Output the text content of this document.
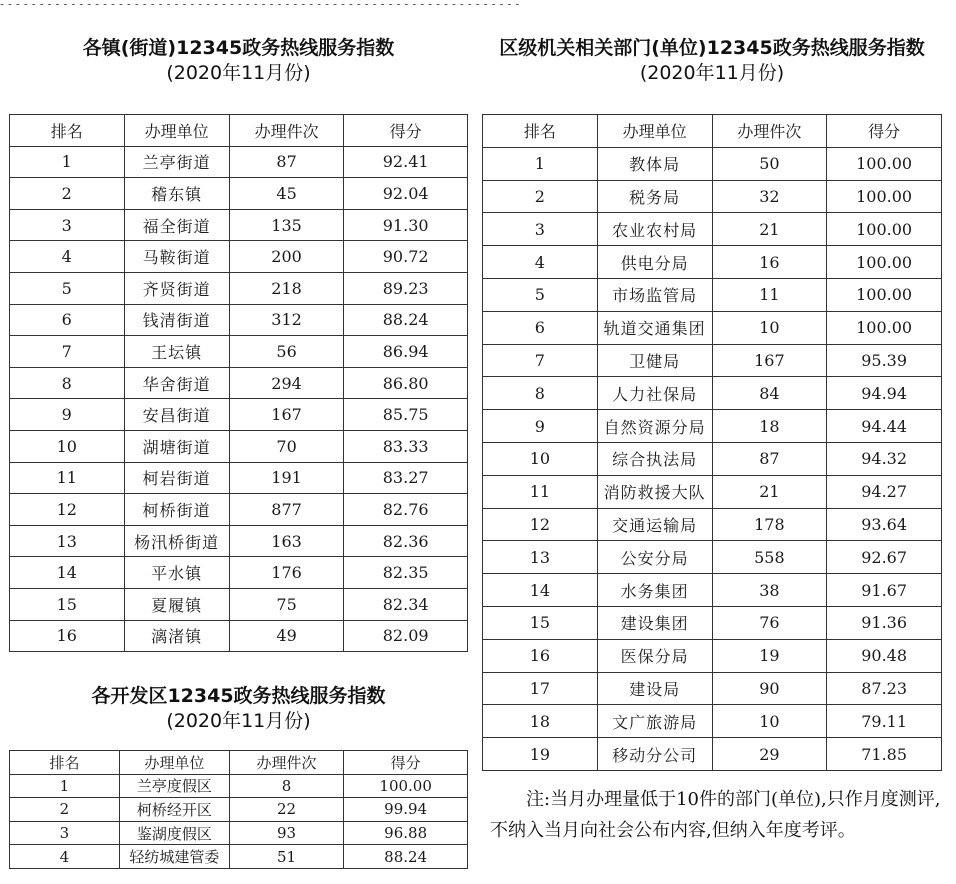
各镇(街道)12345政务热线服务指数
(2020年11月份)
排名	办理单位	办理件次	得分
1	兰亭街道	87	92.41
2	稽东镇	45	92.04
3	福全街道	135	91.30
4	马鞍街道	200	90.72
5	齐贤街道	218	89.23
6	钱清街道	312	88.24
7	王坛镇	56	86.94
8	华舍街道	294	86.80
9	安昌街道	167	85.75
10	湖塘街道	70	83.33
11	柯岩街道	191	83.27
12	柯桥街道	877	82.76
13	杨汛桥街道	163	82.36
14	平水镇	176	82.35
15	夏履镇	75	82.34
16	漓渚镇	49	82.09
区级机关相关部门(单位)12345政务热线服务指数
(2020年11月份)
排名	办理单位	办理件次	得分
1	教体局	50	100.00
2	税务局	32	100.00
3	农业农村局	21	100.00
4	供电分局	16	100.00
5	市场监管局	11	100.00
6	轨道交通集团	10	100.00
7	卫健局	167	95.39
8	人力社保局	84	94.94
9	自然资源分局	18	94.44
10	综合执法局	87	94.32
11	消防救援大队	21	94.27
12	交通运输局	178	93.64
13	公安分局	558	92.67
14	水务集团	38	91.67
15	建设集团	76	91.36
16	医保分局	19	90.48
17	建设局	90	87.23
18	文广旅游局	10	79.11
19	移动分公司	29	71.85
各开发区12345政务热线服务指数
(2020年11月份)
排名	办理单位	办理件次	得分
1	兰亭度假区	8	100.00
2	柯桥经开区	22	99.94
3	鉴湖度假区	93	96.88
4	轻纺城建管委	51	88.24
注:当月办理量低于10件的部门(单位),只作月度测评,不纳入当月向社会公布内容,但纳入年度考评。
